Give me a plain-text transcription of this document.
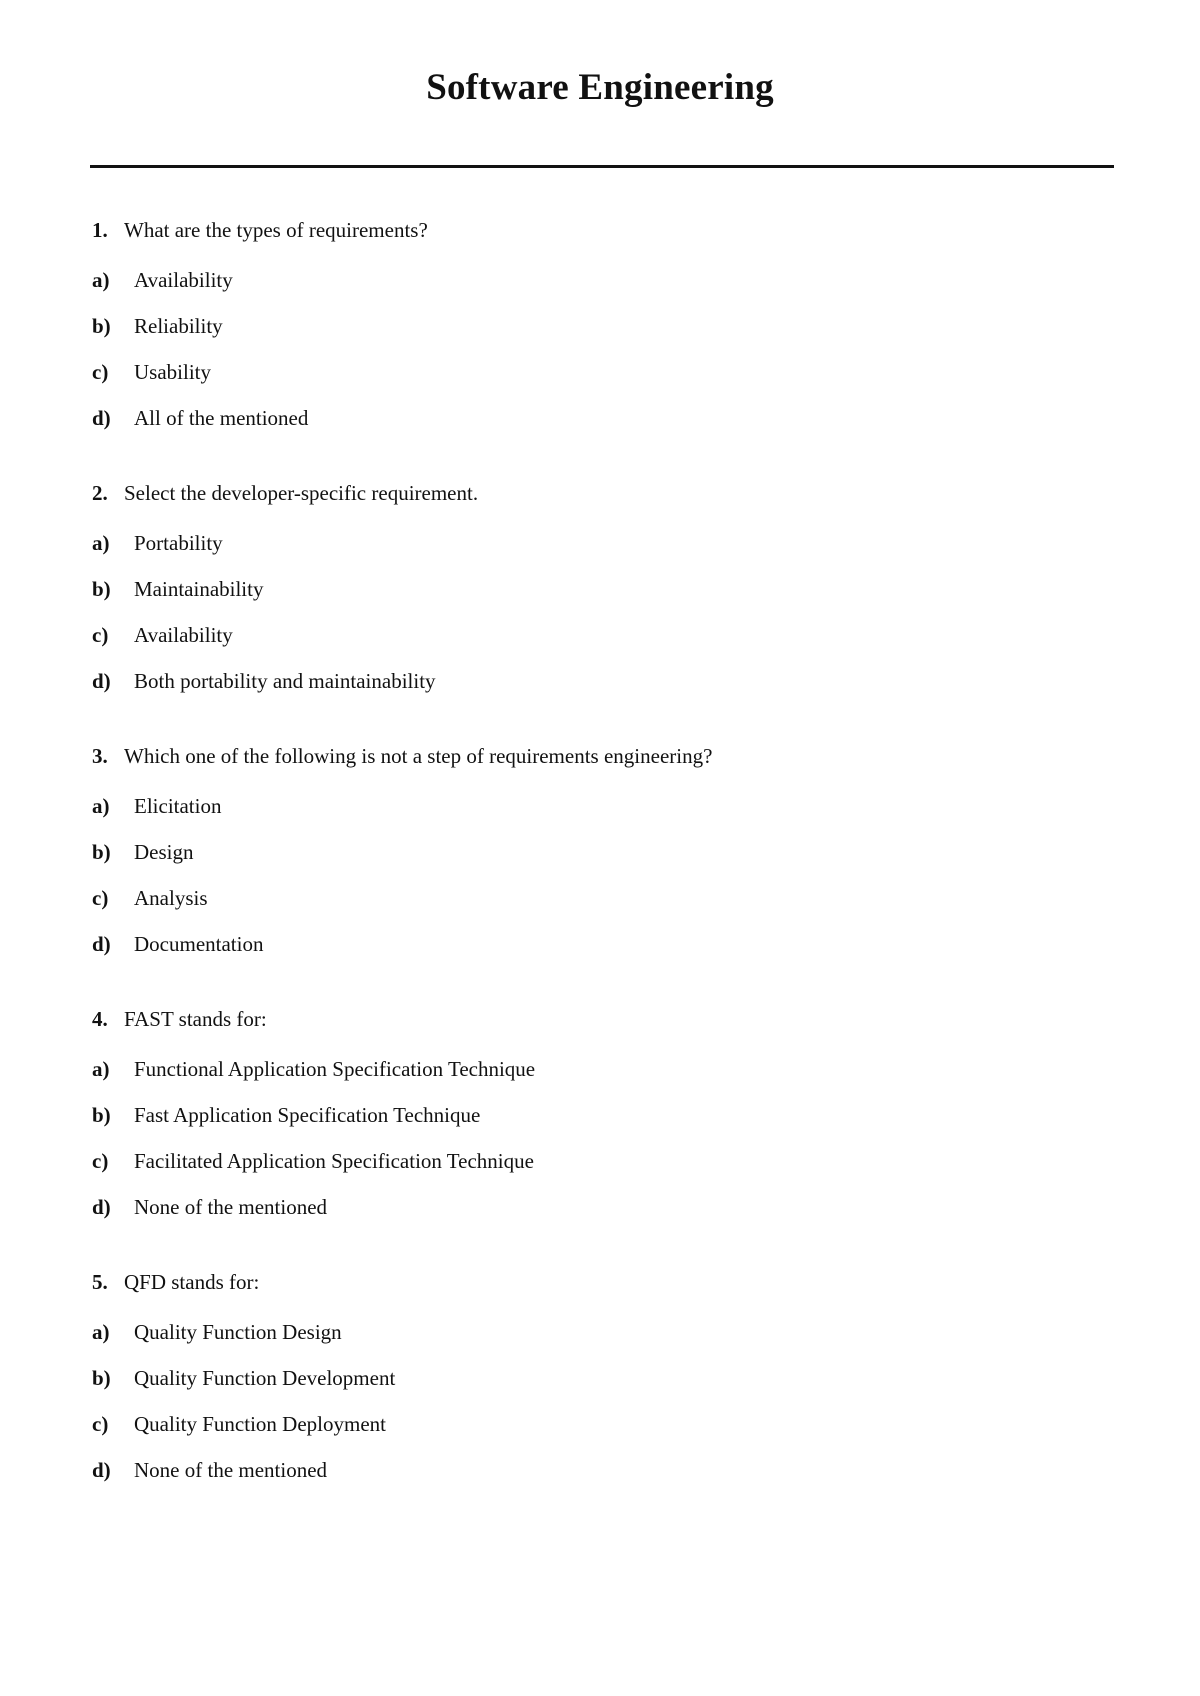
Software Engineering
1. What are the types of requirements?
a)	Availability
b)	Reliability
c)	Usability
d)	All of the mentioned
2. Select the developer-specific requirement.
a)	Portability
b)	Maintainability
c)	Availability
d)	Both portability and maintainability
3. Which one of the following is not a step of requirements engineering?
a)	Elicitation
b)	Design
c)	Analysis
d)	Documentation
4. FAST stands for:
a)	Functional Application Specification Technique
b)	Fast Application Specification Technique
c)	Facilitated Application Specification Technique
d)	None of the mentioned
5. QFD stands for:
a)	Quality Function Design
b)	Quality Function Development
c)	Quality Function Deployment
d)	None of the mentioned
